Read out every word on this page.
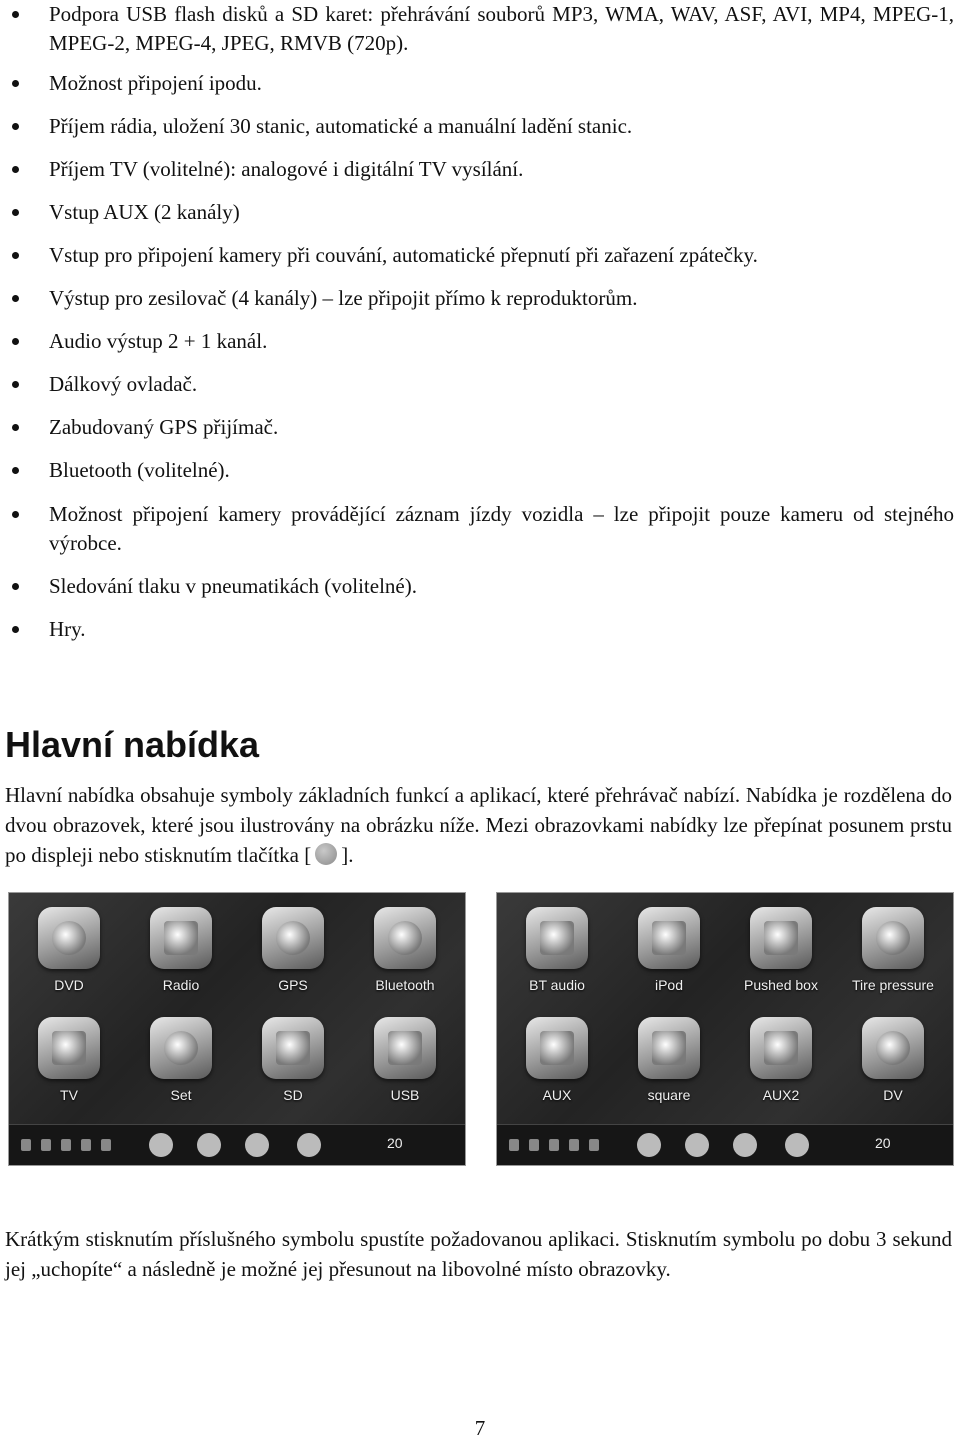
Podpora USB flash disků a SD karet: přehrávání souborů MP3, WMA, WAV, ASF, AVI, MP4, MPEG-1, MPEG-2, MPEG-4, JPEG, RMVB (720p).
Možnost připojení ipodu.
Příjem rádia, uložení 30 stanic, automatické a manuální ladění stanic.
Příjem TV (volitelné): analogové i digitální TV vysílání.
Vstup AUX (2 kanály)
Vstup pro připojení kamery při couvání, automatické přepnutí při zařazení zpátečky.
Výstup pro zesilovač (4 kanály) – lze připojit přímo k reproduktorům.
Audio výstup 2 + 1 kanál.
Dálkový ovladač.
Zabudovaný GPS přijímač.
Bluetooth (volitelné).
Možnost připojení kamery provádějící záznam jízdy vozidla – lze připojit pouze kameru od stejného výrobce.
Sledování tlaku v pneumatikách (volitelné).
Hry.
Hlavní nabídka
Hlavní nabídka obsahuje symboly základních funkcí a aplikací, které přehrávač nabízí. Nabídka je rozdělena do dvou obrazovek, které jsou ilustrovány na obrázku níže. Mezi obrazovkami nabídky lze přepínat posunem prstu po displeji nebo stisknutím tlačítka [ ].
DVD	Radio	GPS	Bluetooth
TV	Set	SD	USB
20
BT audio	iPod	Pushed box	Tire pressure
AUX	square	AUX2	DV
20
Krátkým stisknutím příslušného symbolu spustíte požadovanou aplikaci. Stisknutím symbolu po dobu 3 sekund jej „uchopíte“ a následně je možné jej přesunout na libovolné místo obrazovky.
7
